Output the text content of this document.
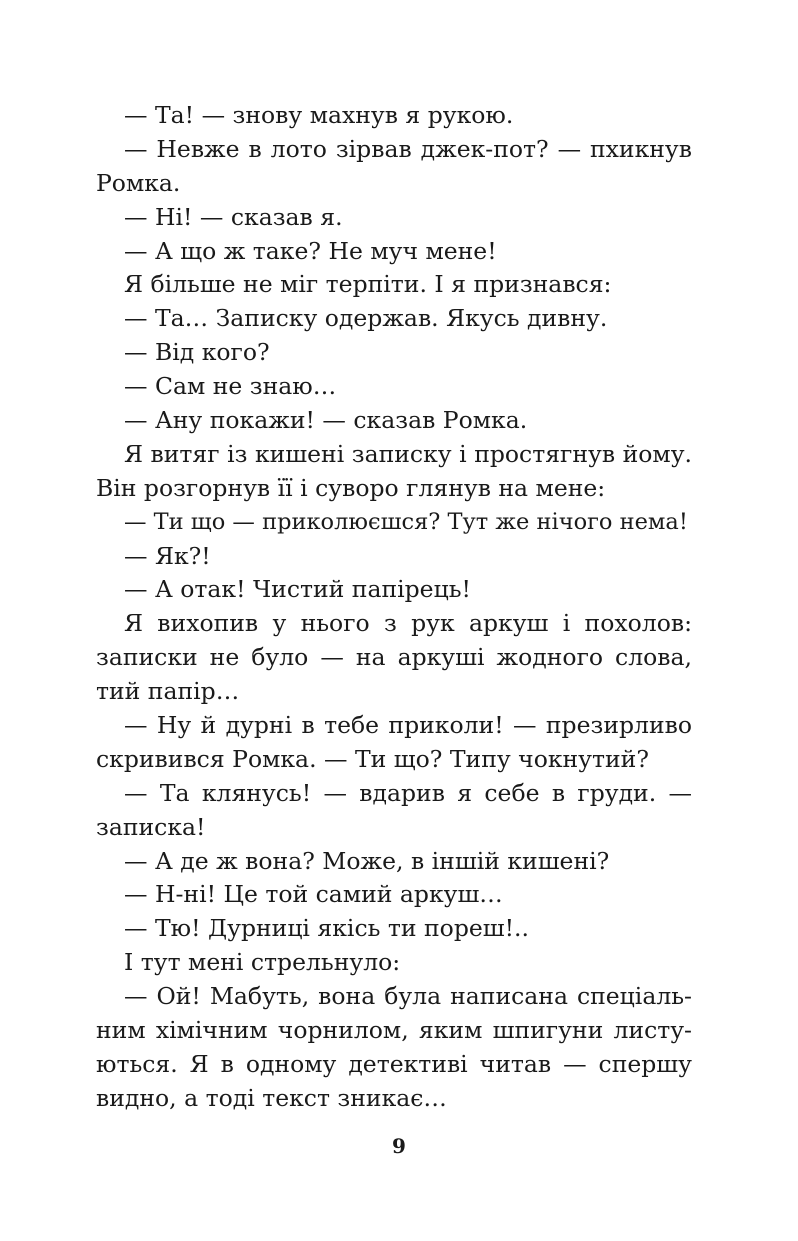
— Та! — знову махнув я рукою.
— Невже в лото зірвав джек-пот? — пхикнув
Ромка.
— Ні! — сказав я.
— А що ж таке? Не муч мене!
Я більше не міг терпіти. І я признався:
— Та… Записку одержав. Якусь дивну.
— Від кого?
— Сам не знаю…
— Ану покажи! — сказав Ромка.
Я витяг із кишені записку і простягнув йому.
Він розгорнув її і суворо глянув на мене:
— Ти що — приколюєшся? Тут же нічого нема!
— Як?!
— А отак! Чистий папірець!
Я вихопив у нього з рук аркуш і похолов:
записки не було — на аркуші жодного слова,
тий папір…
— Ну й дурні в тебе приколи! — презирливо
скривився Ромка. — Ти що? Типу чокнутий?
— Та клянусь! — вдарив я себе в груди. —
записка!
— А де ж вона? Може, в іншій кишені?
— Н-ні! Це той самий аркуш…
— Тю! Дурниці якісь ти пореш!..
І тут мені стрельнуло:
— Ой! Мабуть, вона була написана спеціаль-
ним хімічним чорнилом, яким шпигуни листу-
ються. Я в одному детективі читав — спершу
видно, а тоді текст зникає…
9
